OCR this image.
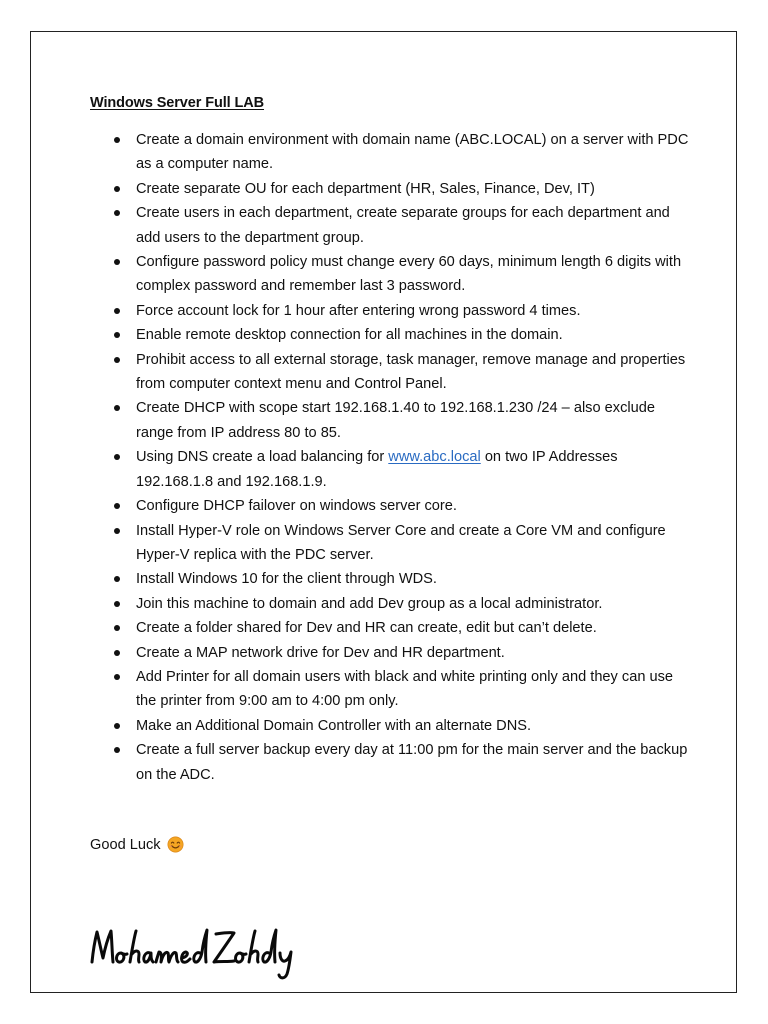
Windows Server Full LAB
Create a domain environment with domain name (ABC.LOCAL) on a server with PDC as a computer name.
Create separate OU for each department (HR, Sales, Finance, Dev, IT)
Create users in each department, create separate groups for each department and add users to the department group.
Configure password policy must change every 60 days, minimum length 6 digits with complex password and remember last 3 password.
Force account lock for 1 hour after entering wrong password 4 times.
Enable remote desktop connection for all machines in the domain.
Prohibit access to all external storage, task manager, remove manage and properties from computer context menu and Control Panel.
Create DHCP with scope start 192.168.1.40 to 192.168.1.230 /24 – also exclude range from IP address 80 to 85.
Using DNS create a load balancing for www.abc.local on two IP Addresses 192.168.1.8 and 192.168.1.9.
Configure DHCP failover on windows server core.
Install Hyper-V role on Windows Server Core and create a Core VM and configure Hyper-V replica with the PDC server.
Install Windows 10 for the client through WDS.
Join this machine to domain and add Dev group as a local administrator.
Create a folder shared for Dev and HR can create, edit but can’t delete.
Create a MAP network drive for Dev and HR department.
Add Printer for all domain users with black and white printing only and they can use the printer from 9:00 am to 4:00 pm only.
Make an Additional Domain Controller with an alternate DNS.
Create a full server backup every day at 11:00 pm for the main server and the backup on the ADC.
Good Luck
